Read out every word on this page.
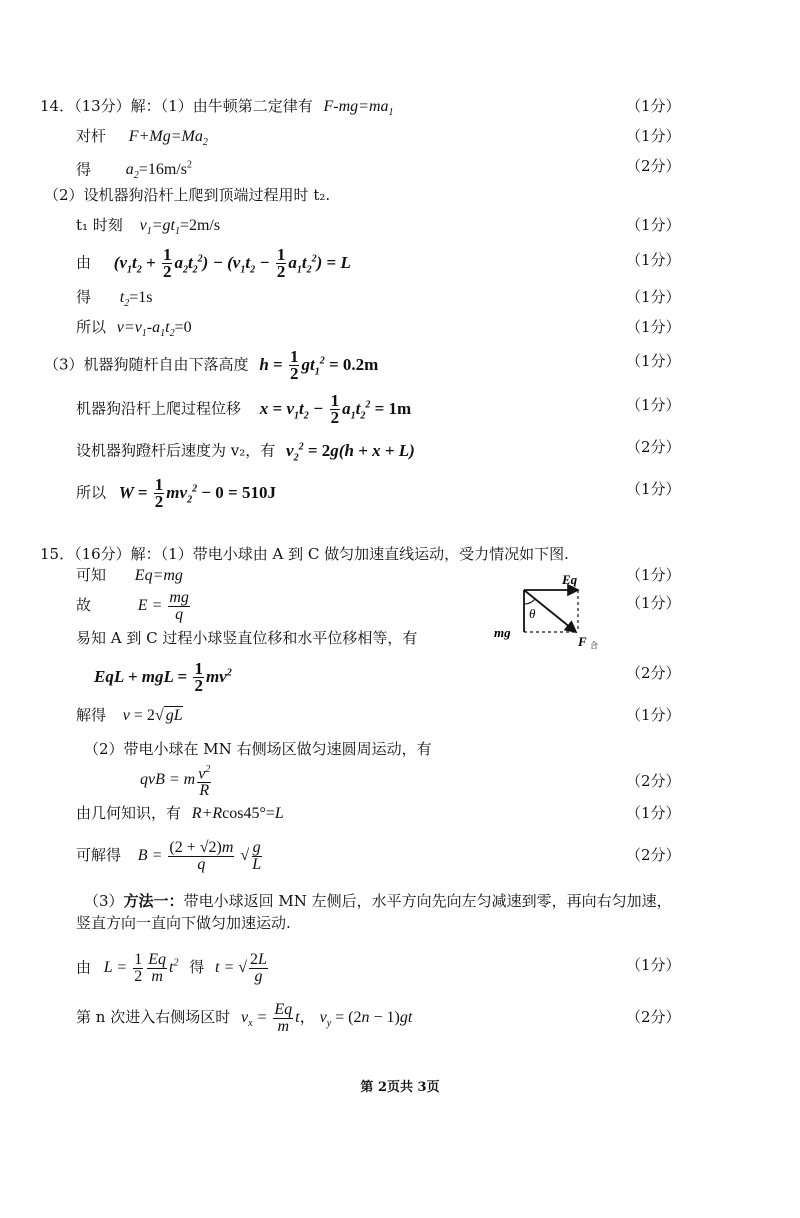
14．（13分）解：（1）由牛顿第二定律有 $F-mg=ma_1$	（1分）
对杆 $F+Mg=Ma_2$	（1分）
得 $a_2=16m/s^2$	（2分）
（2）设机器狗沿杆上爬到顶端过程用时 t₂.
t₁ 时刻 $v_1=gt_1=2m/s$	（1分）
由 $(v_1t_2 + \frac{1}{2} a_2t_2^2) - (v_1t_2 - \frac{1}{2} a_1t_2^2) = L$	（1分）
得 $t_2=1s$	（1分）
所以 $v=v_1-a_1t_2=0$	（1分）
（3）机器狗随杆自由下落高度 $h = \frac{1}{2} gt_1^2 = 0.2m$	（1分）
机器狗沿杆上爬过程位移 $x = v_1t_2 - \frac{1}{2} a_1t_2^2 = 1m$	（1分）
设机器狗蹬杆后速度为 v₂，有 $v_2^2 = 2g(h + x + L)$	（2分）
所以 $W = \frac{1}{2} mv_2^2 - 0 = 510J$	（1分）
15．（16分）解：（1）带电小球由 A 到 C 做匀加速直线运动，受力情况如下图.
可知 Eq=mg	（1分）
故	$E = \frac{mg}{q}$	（1分）
Eq
θ
mg
F 合
易知 A 到 C 过程小球竖直位移和水平位移相等，有
EqL + mgL = $\frac{1}{2} mv^2$	（2分）
解得 v = 2√ gL	（1分）
（2）带电小球在 MN 右侧场区做匀速圆周运动，有
qvB = m $\frac{v^2}{R}$	（2分）
由几何知识，有 R+Rcos45°=L	（1分）
可解得 $B = \frac{(2 + √2)m}{q}$ √ $\frac{g}{L}$	（2分）
（3）方法一：带电小球返回 MN 左侧后，水平方向先向左匀减速到零，再向右匀加速，
竖直方向一直向下做匀加速运动.
由 $L = \frac{1}{2} \frac{Eq}{m} t^2$ 得 t = √ $\frac{2L}{g}$	（1分）
第 n 次进入右侧场区时 $v_x = \frac{Eq}{m}$ t， $v_y = (2n - 1)gt$	（2分）
第 2页共 3页
